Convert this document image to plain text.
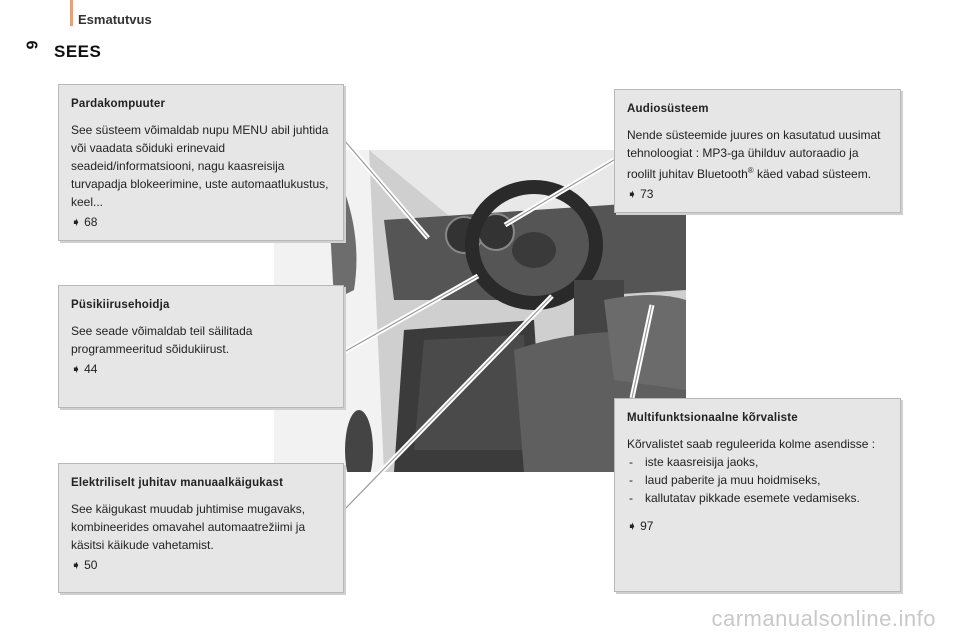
Esmatutvus
6 SEES
Pardakompuuter

See süsteem võimaldab nupu MENU abil juhtida või vaadata sõiduki erinevaid seadeid/informatsiooni, nagu kaasreisija turvapadja blokeerimine, uste automaatlukustus, keel...

➧ 68
Audiosüsteem

Nende süsteemide juures on kasutatud uusimat tehnoloogiat : MP3-ga ühilduv autoraadio ja roolilt juhitav Bluetooth® käed vabad süsteem.

➧ 73
Püsikiirusehoidja

See seade võimaldab teil säilitada programmeeritud sõidukiirust.

➧ 44
Elektriliselt juhitav manuaalkäigukast

See käigukast muudab juhtimise mugavaks, kombineerides omavahel automaatrežiimi ja käsitsi käikude vahetamist.

➧ 50
Multifunktsionaalne kõrvaliste

Kõrvalistet saab reguleerida kolme asendisse :

- iste kaasreisija jaoks,
- laud paberite ja muu hoidmiseks,
- kallutatav pikkade esemete vedamiseks.
➧ 97
carmanualsonline.info
